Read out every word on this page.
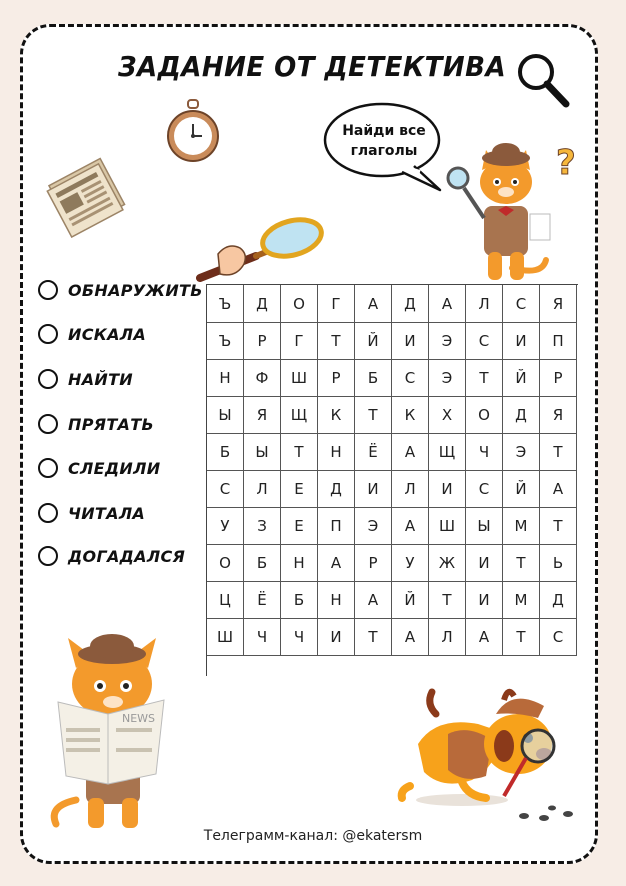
ЗАДАНИЕ ОТ ДЕТЕКТИВА
Найди все глаголы	?
ОБНАРУЖИТЬ
ИСКАЛА
НАЙТИ
ПРЯТАТЬ
СЛЕДИЛИ
ЧИТАЛА
ДОГАДАЛСЯ
Ъ	Д	О	Г	А	Д	А	Л	С	Я
Ъ	Р	Г	Т	Й	И	Э	С	И	П
Н	Ф	Ш	Р	Б	С	Э	Т	Й	Р
Ы	Я	Щ	К	Т	К	Х	О	Д	Я
Б	Ы	Т	Н	Ё	А	Щ	Ч	Э	Т
С	Л	Е	Д	И	Л	И	С	Й	А
У	З	Е	П	Э	А	Ш	Ы	М	Т
О	Б	Н	А	Р	У	Ж	И	Т	Ь
Ц	Ё	Б	Н	А	Й	Т	И	М	Д
Ш	Ч	Ч	И	Т	А	Л	А	Т	С
NEWS
Телеграмм-канал: @ekatersm
